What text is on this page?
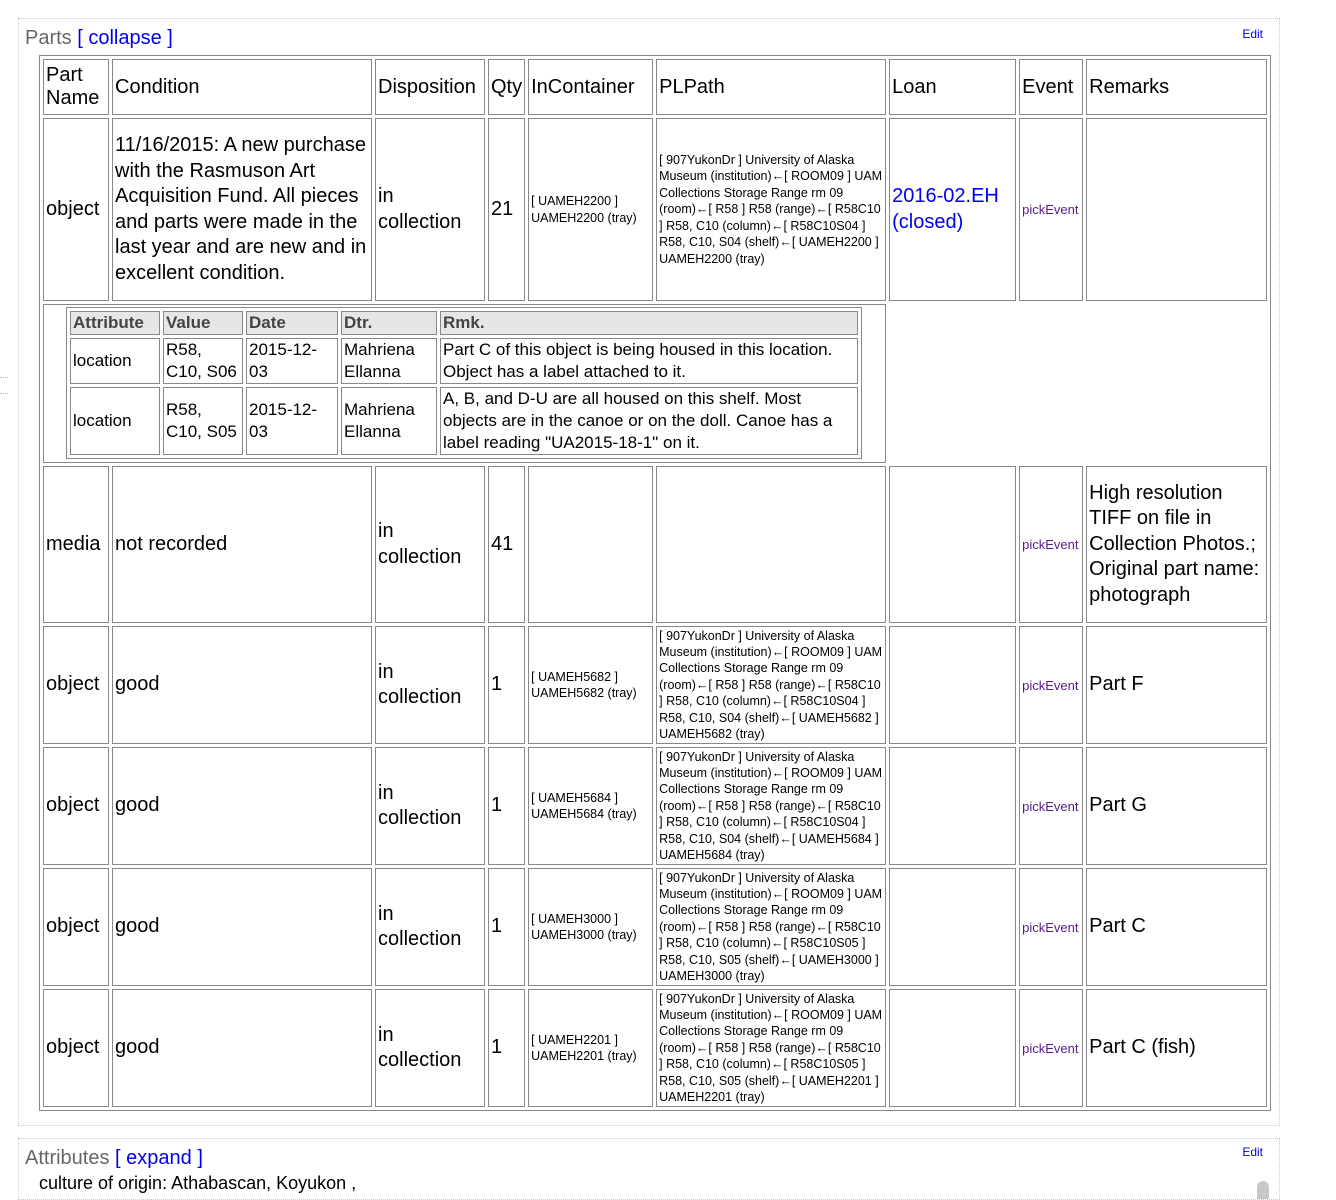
Edit
Parts [ collapse ]
Part Name	Condition	Disposition	Qty	InContainer	PLPath	Loan	Event	Remarks
object	11/16/2015: A new purchase with the Rasmuson Art Acquisition Fund. All pieces and parts were made in the last year and are new and in excellent condition.	in collection	21	[ UAMEH2200 ] UAMEH2200 (tray)	[ 907YukonDr ] University of Alaska Museum (institution)←[ ROOM09 ] UAM Collections Storage Range rm 09 (room)←[ R58 ] R58 (range)←[ R58C10 ] R58, C10 (column)←[ R58C10S04 ] R58, C10, S04 (shelf)←[ UAMEH2200 ] UAMEH2200 (tray)	2016-02.EH (closed)	pickEvent	

Attribute	Value	Date	Dtr.	Rmk.
location	R58, C10, S06	2015-12-03	Mahriena Ellanna	Part C of this object is being housed in this location. Object has a label attached to it.
location	R58, C10, S05	2015-12-03	Mahriena Ellanna	A, B, and D-U are all housed on this shelf. Most objects are in the canoe or on the doll. Canoe has a label reading "UA2015-18-1" on it.

media	not recorded	in collection	41				pickEvent	High resolution TIFF on file in Collection Photos.; Original part name: photograph
object	good	in collection	1	[ UAMEH5682 ] UAMEH5682 (tray)	[ 907YukonDr ] University of Alaska Museum (institution)←[ ROOM09 ] UAM Collections Storage Range rm 09 (room)←[ R58 ] R58 (range)←[ R58C10 ] R58, C10 (column)←[ R58C10S04 ] R58, C10, S04 (shelf)←[ UAMEH5682 ] UAMEH5682 (tray)		pickEvent	Part F
object	good	in collection	1	[ UAMEH5684 ] UAMEH5684 (tray)	[ 907YukonDr ] University of Alaska Museum (institution)←[ ROOM09 ] UAM Collections Storage Range rm 09 (room)←[ R58 ] R58 (range)←[ R58C10 ] R58, C10 (column)←[ R58C10S04 ] R58, C10, S04 (shelf)←[ UAMEH5684 ] UAMEH5684 (tray)		pickEvent	Part G
object	good	in collection	1	[ UAMEH3000 ] UAMEH3000 (tray)	[ 907YukonDr ] University of Alaska Museum (institution)←[ ROOM09 ] UAM Collections Storage Range rm 09 (room)←[ R58 ] R58 (range)←[ R58C10 ] R58, C10 (column)←[ R58C10S05 ] R58, C10, S05 (shelf)←[ UAMEH3000 ] UAMEH3000 (tray)		pickEvent	Part C
object	good	in collection	1	[ UAMEH2201 ] UAMEH2201 (tray)	[ 907YukonDr ] University of Alaska Museum (institution)←[ ROOM09 ] UAM Collections Storage Range rm 09 (room)←[ R58 ] R58 (range)←[ R58C10 ] R58, C10 (column)←[ R58C10S05 ] R58, C10, S05 (shelf)←[ UAMEH2201 ] UAMEH2201 (tray)		pickEvent	Part C (fish)
Edit
Attributes [ expand ]
culture of origin: Athabascan, Koyukon ,
